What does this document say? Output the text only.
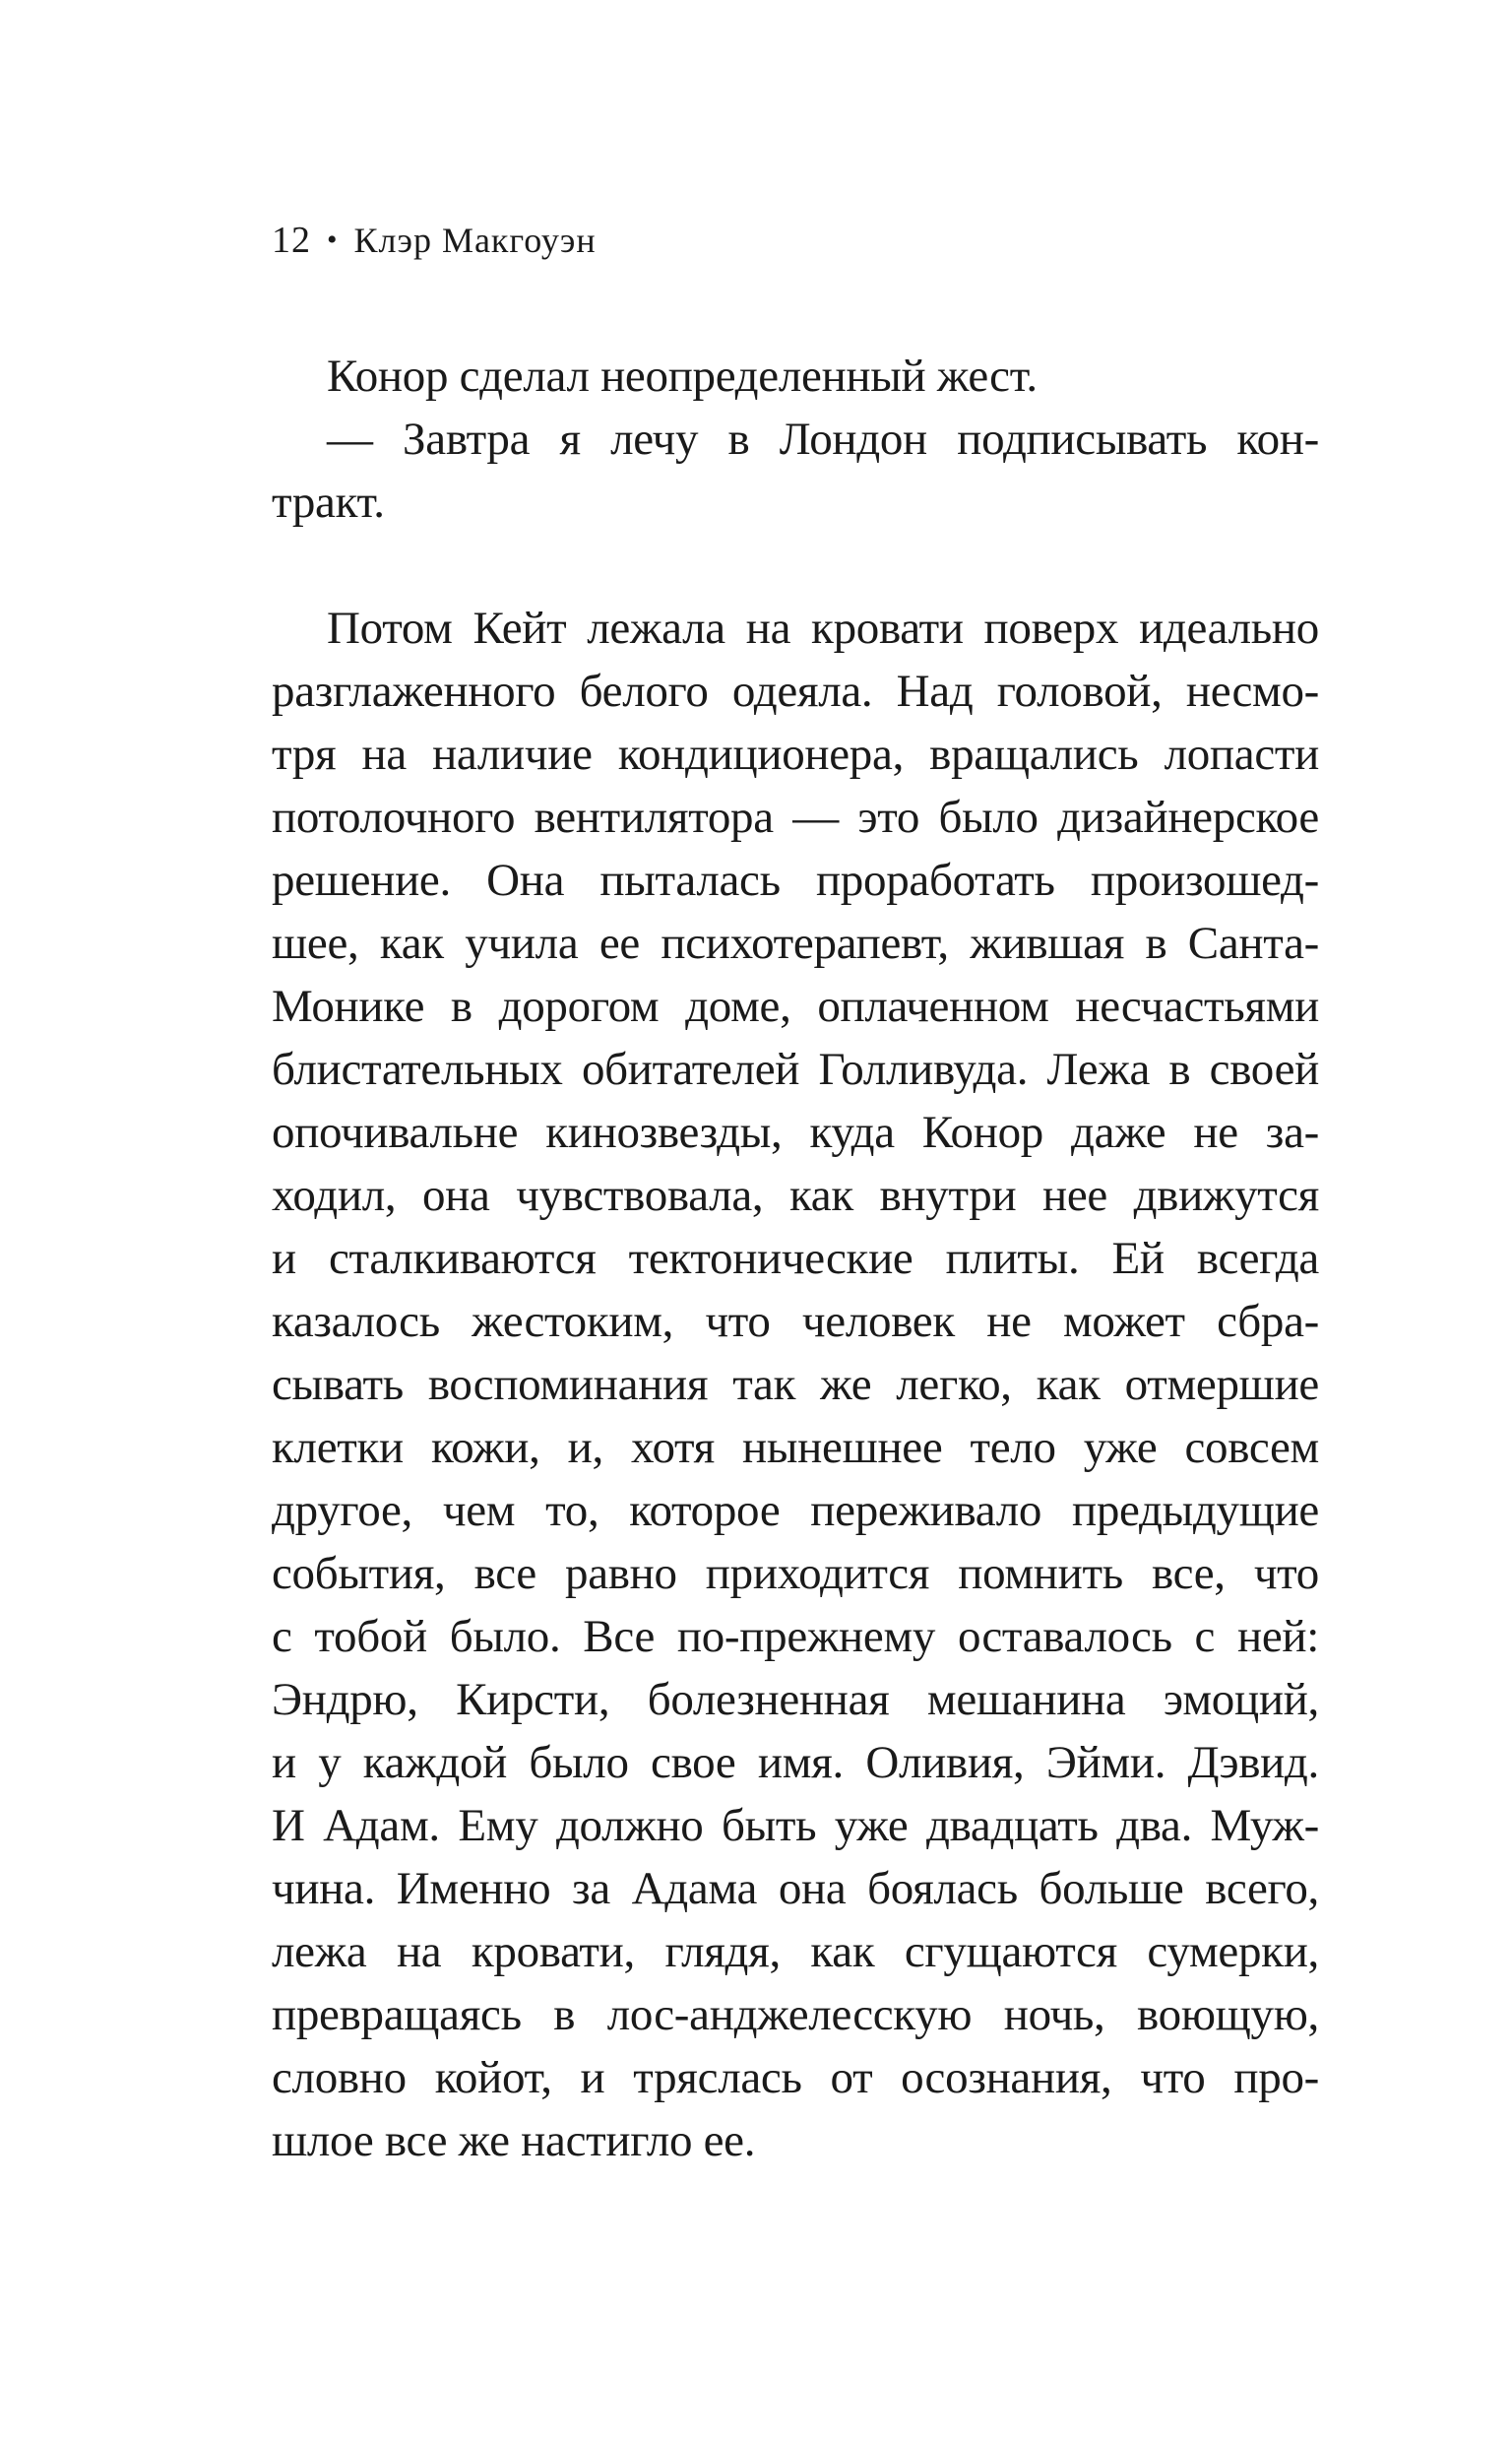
12 • Клэр Макгоуэн
Конор сделал неопределенный жест.
— Завтра я лечу в Лондон подписывать кон-
тракт.
Потом Кейт лежала на кровати поверх идеально
разглаженного белого одеяла. Над головой, несмо-
тря на наличие кондиционера, вращались лопасти
потолочного вентилятора — это было дизайнерское
решение. Она пыталась проработать произошед-
шее, как учила ее психотерапевт, жившая в Санта-
Монике в дорогом доме, оплаченном несчастьями
блистательных обитателей Голливуда. Лежа в своей
опочивальне кинозвезды, куда Конор даже не за-
ходил, она чувствовала, как внутри нее движутся
и сталкиваются тектонические плиты. Ей всегда
казалось жестоким, что человек не может сбра-
сывать воспоминания так же легко, как отмершие
клетки кожи, и, хотя нынешнее тело уже совсем
другое, чем то, которое переживало предыдущие
события, все равно приходится помнить все, что
с тобой было. Все по-прежнему оставалось с ней:
Эндрю, Кирсти, болезненная мешанина эмоций,
и у каждой было свое имя. Оливия, Эйми. Дэвид.
И Адам. Ему должно быть уже двадцать два. Муж-
чина. Именно за Адама она боялась больше всего,
лежа на кровати, глядя, как сгущаются сумерки,
превращаясь в лос-анджелесскую ночь, воющую,
словно койот, и тряслась от осознания, что про-
шлое все же настигло ее.
